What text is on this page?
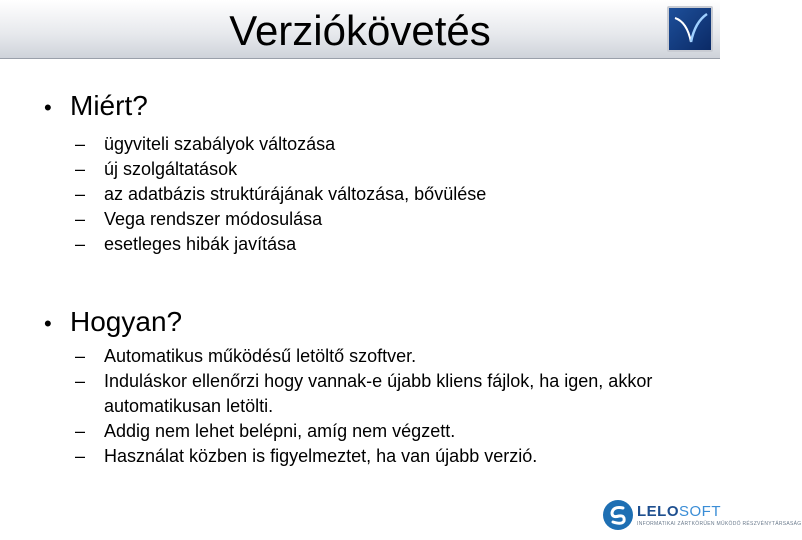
Verziókövetés
• Miért?
–	ügyviteli szabályok változása
–	új szolgáltatások
–	az adatbázis struktúrájának változása, bővülése
–	Vega rendszer módosulása
–	esetleges hibák javítása
• Hogyan?
–	Automatikus működésű letöltő szoftver.
–	Induláskor ellenőrzi hogy vannak-e újabb kliens fájlok, ha igen, akkor automatikusan letölti.
–	Addig nem lehet belépni, amíg nem végzett.
–	Használat közben is figyelmeztet, ha van újabb verzió.
LELOSOFT
INFORMATIKAI ZÁRTKÖRŰEN MŰKÖDŐ RÉSZVÉNYTÁRSASÁG
